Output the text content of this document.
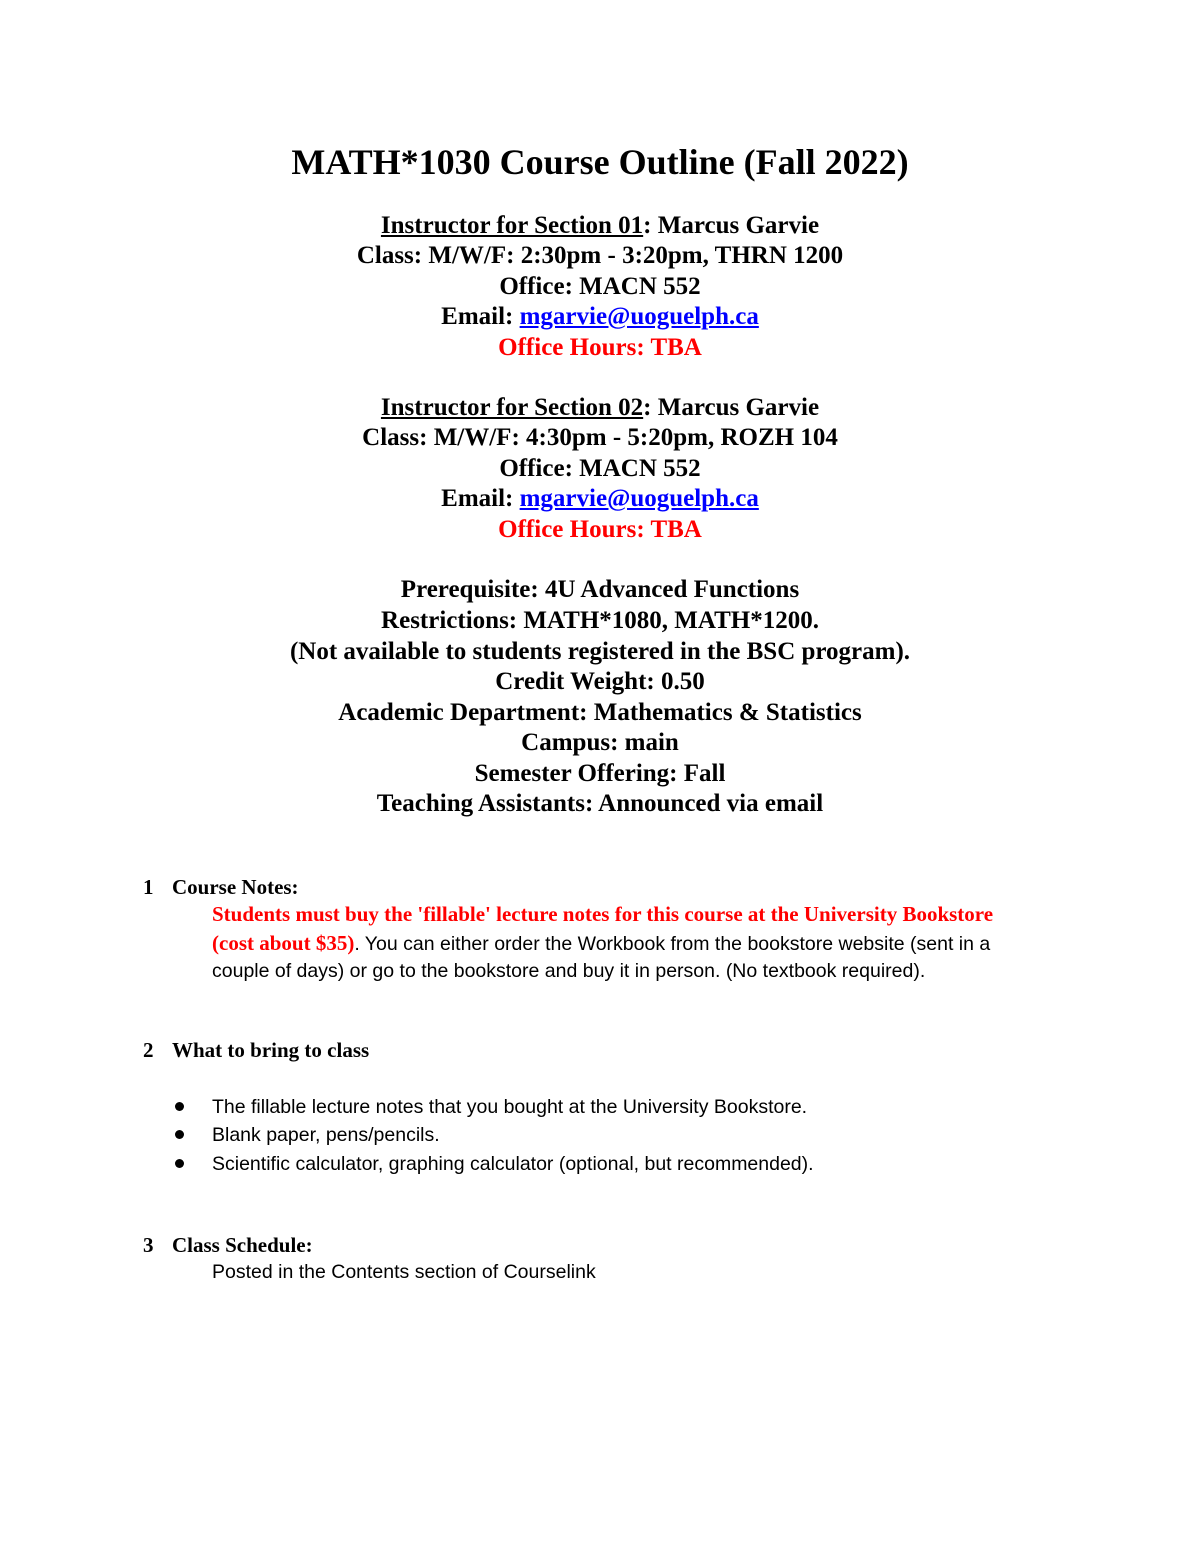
MATH*1030 Course Outline (Fall 2022)
Instructor for Section 01: Marcus Garvie
Class: M/W/F: 2:30pm - 3:20pm, THRN 1200
Office: MACN 552
Email: mgarvie@uoguelph.ca
Office Hours: TBA
Instructor for Section 02: Marcus Garvie
Class: M/W/F: 4:30pm - 5:20pm, ROZH 104
Office: MACN 552
Email: mgarvie@uoguelph.ca
Office Hours: TBA
Prerequisite: 4U Advanced Functions
Restrictions: MATH*1080, MATH*1200.
(Not available to students registered in the BSC program).
Credit Weight: 0.50
Academic Department: Mathematics & Statistics
Campus: main
Semester Offering: Fall
Teaching Assistants: Announced via email
1 Course Notes:
Students must buy the 'fillable' lecture notes for this course at the University Bookstore (cost about $35). You can either order the Workbook from the bookstore website (sent in a couple of days) or go to the bookstore and buy it in person. (No textbook required).
2 What to bring to class
The fillable lecture notes that you bought at the University Bookstore.
Blank paper, pens/pencils.
Scientific calculator, graphing calculator (optional, but recommended).
3 Class Schedule:
Posted in the Contents section of Courselink
